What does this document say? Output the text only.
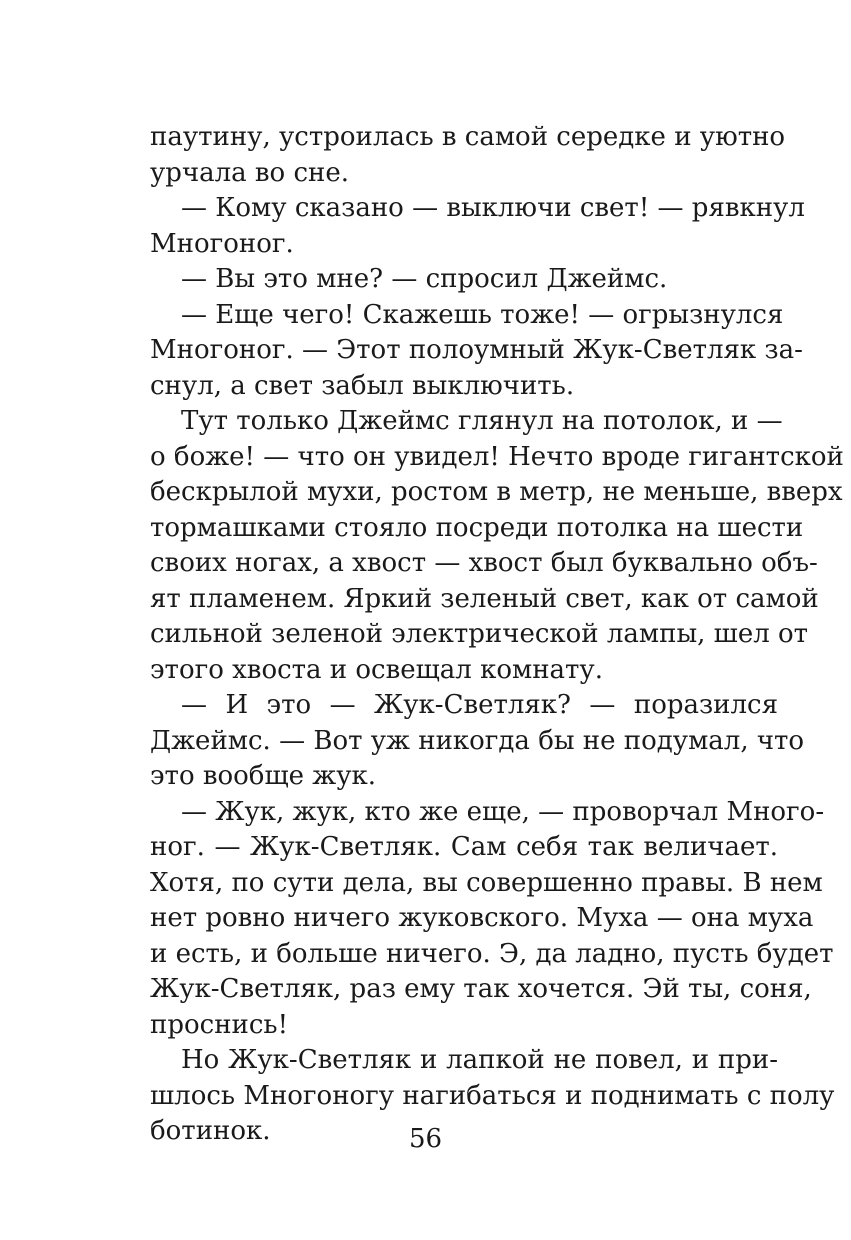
паутину, устроилась в самой середке и уютно
урчала во сне.
— Кому сказано — выключи свет! — рявкнул
Многоног.
— Вы это мне? — спросил Джеймс.
— Еще чего! Скажешь тоже! — огрызнулся
Многоног. — Этот полоумный Жук-Светляк за-
снул, а свет забыл выключить.
Тут только Джеймс глянул на потолок, и —
о боже! — что он увидел! Нечто вроде гигантской
бескрылой мухи, ростом в метр, не меньше, вверх
тормашками стояло посреди потолка на шести
своих ногах, а хвост — хвост был буквально объ-
ят пламенем. Яркий зеленый свет, как от самой
сильной зеленой электрической лампы, шел от
этого хвоста и освещал комнату.
— И это — Жук-Светляк? — поразился
Джеймс. — Вот уж никогда бы не подумал, что
это вообще жук.
— Жук, жук, кто же еще, — проворчал Много-
ног. — Жук-Светляк. Сам себя так величает.
Хотя, по сути дела, вы совершенно правы. В нем
нет ровно ничего жуковского. Муха — она муха
и есть, и больше ничего. Э, да ладно, пусть будет
Жук-Светляк, раз ему так хочется. Эй ты, соня,
проснись!
Но Жук-Светляк и лапкой не повел, и при-
шлось Многоногу нагибаться и поднимать с полу
ботинок.	56
